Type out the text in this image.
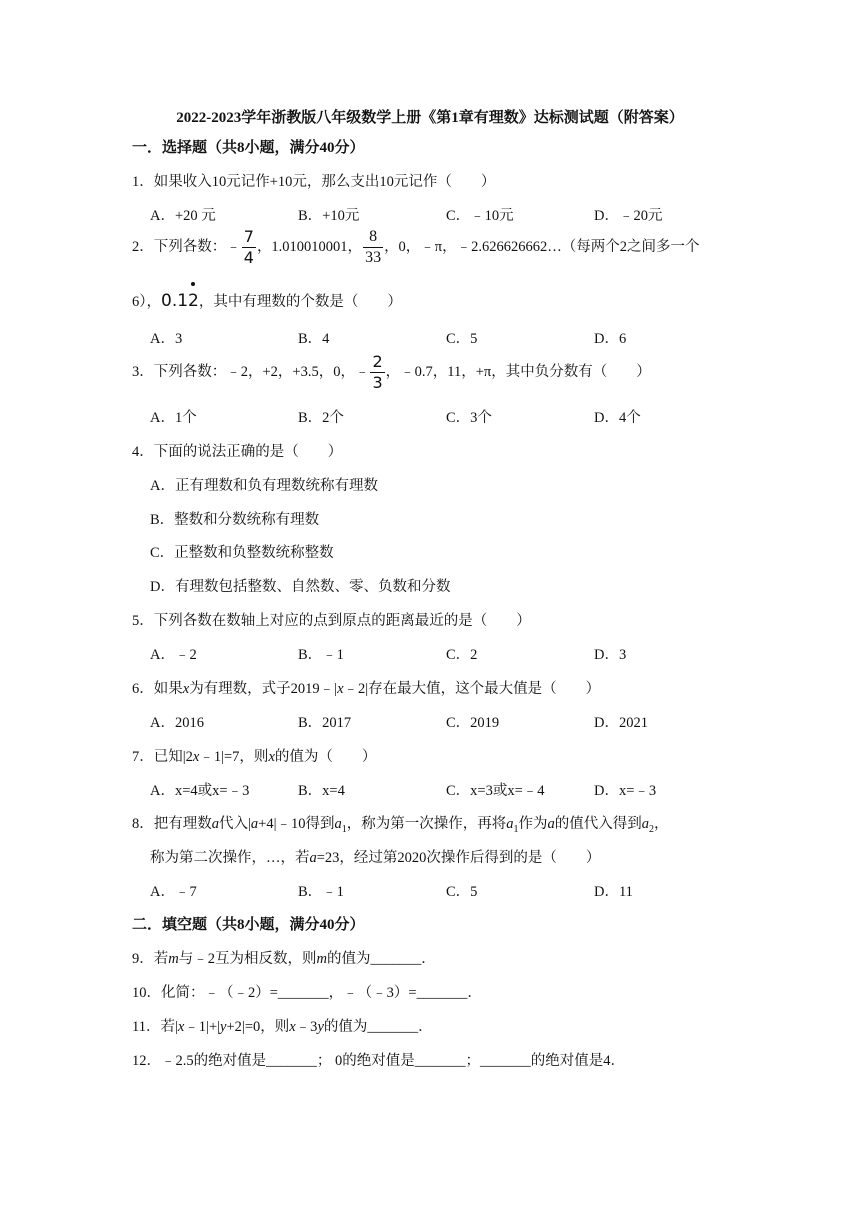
2022-2023学年浙教版八年级数学上册《第1章有理数》达标测试题（附答案）
一．选择题（共8小题，满分40分）
1．如果收入10元记作+10元，那么支出10元记作（　　）
A．+20 元	B．+10元	C．﹣10元	D．﹣20元
2．下列各数：﹣ $\frac{7}{4}$ ，1.010010001， $\frac{8}{33}$ ，0，﹣π，﹣2.626626662…（每两个2之间多一个
6），0.1
2，其中有理数的个数是（　　）
A．3	B．4	C．5	D．6
3．下列各数：﹣2，+2，+3.5，0，﹣ $\frac{2}{3}$ ，﹣0.7，11，+π，其中负分数有（　　）
A．1个	B．2个	C．3个	D．4个
4．下面的说法正确的是（　　）
A．正有理数和负有理数统称有理数
B．整数和分数统称有理数
C．正整数和负整数统称整数
D．有理数包括整数、自然数、零、负数和分数
5．下列各数在数轴上对应的点到原点的距离最近的是（　　）
A．﹣2	B．﹣1	C．2	D．3
6．如果x为有理数，式子2019﹣|x﹣2|存在最大值，这个最大值是（　　）
A．2016	B．2017	C．2019	D．2021
7．已知|2x﹣1|=7，则x的值为（　　）
A．x=4或x=﹣3	B．x=4	C．x=3或x=﹣4	D．x=﹣3
8．把有理数a代入|a+4|﹣10得到$a_1$，称为第一次操作，再将$a_1$作为a的值代入得到$a_2$，
称为第二次操作，…，若a=23，经过第2020次操作后得到的是（　　）
A．﹣7	B．﹣1	C．5	D．11
二．填空题（共8小题，满分40分）
9．若m与﹣2互为相反数，则m的值为_______．
10．化简：﹣（﹣2）=_______，﹣（﹣3）=_______．
11．若|x﹣1|+|y+2|=0，则x﹣3y的值为_______．
12．﹣2.5的绝对值是_______； 0的绝对值是_______；_______的绝对值是4．
